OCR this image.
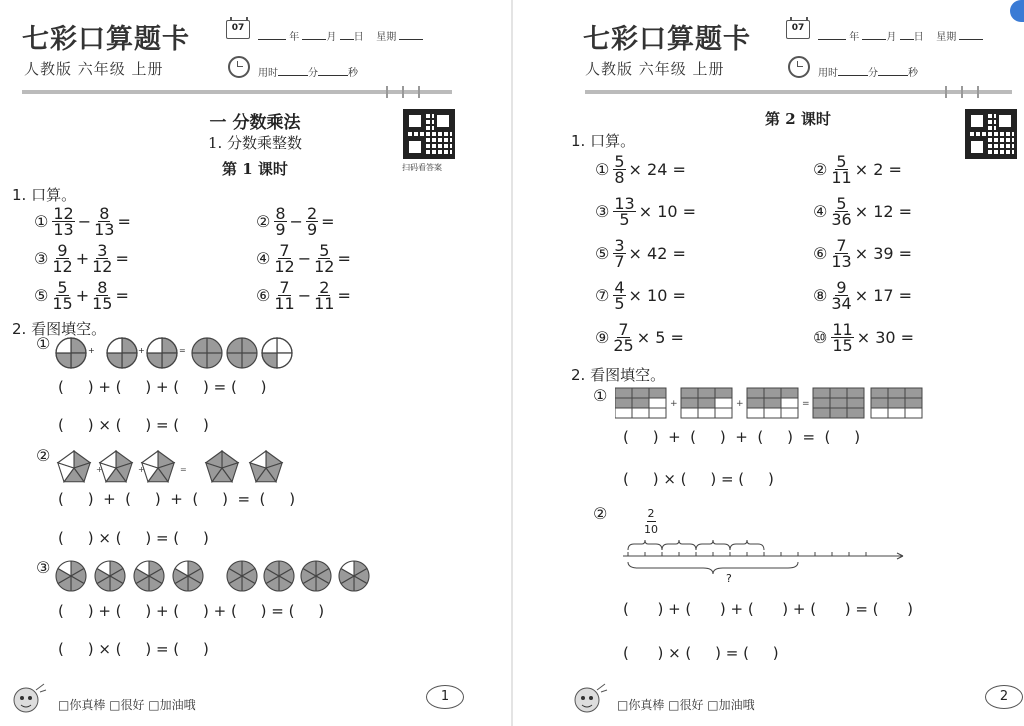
七彩口算题卡	07
年	月 日 星期
人教版 六年级 上册	用时	分	秒
一 分数乘法
1. 分数乘整数
第 1 课时	扫码看答案
1. 口算。
① $\frac{12}{13} - \frac{8}{13}$ =	② $\frac{8}{9} - \frac{2}{9}$ =
③ $\frac{9}{12} + \frac{3}{12}$ =	④ $\frac{7}{12} - \frac{5}{12}$ =
⑤ $\frac{5}{15} + \frac{8}{15}$ =	⑥ $\frac{7}{11} - \frac{2}{11}$ =
2. 看图填空。
①	+	+	=
(     ) + (     ) + (     ) = (     )
(     ) × (     ) = (     )
②
+	+	=
(     )  +  (     )  +  (     )  =  (     )
(     ) × (     ) = (     )
③
(     ) + (     ) + (     ) + (     ) = (     )
(     ) × (     ) = (     )
□你真棒 □很好 □加油哦
1
七彩口算题卡	07
年	月 日 星期
人教版 六年级 上册	用时	分	秒
第 2 课时
1. 口算。
① $\frac{5}{8} \times 24$ =	② $\frac{5}{11} \times 2$ =
③ $\frac{13}{5} \times 10$ =	④ $\frac{5}{36} \times 12$ =
⑤ $\frac{3}{7} \times 42$ =	⑥ $\frac{7}{13} \times 39$ =
⑦ $\frac{4}{5} \times 10$ =	⑧ $\frac{9}{34} \times 17$ =
⑨ $\frac{7}{25} \times 5$ =	⑩ $\frac{11}{15} \times 30$ =
2. 看图填空。
①	+	+	=
(     )  +  (     )  +  (     )  =  (     )
(     ) × (     ) = (     )
②	$\frac{2}{10}$
?
(      ) + (      ) + (      ) + (      ) = (      )
(      ) × (     ) = (     )
□你真棒 □很好 □加油哦
2
